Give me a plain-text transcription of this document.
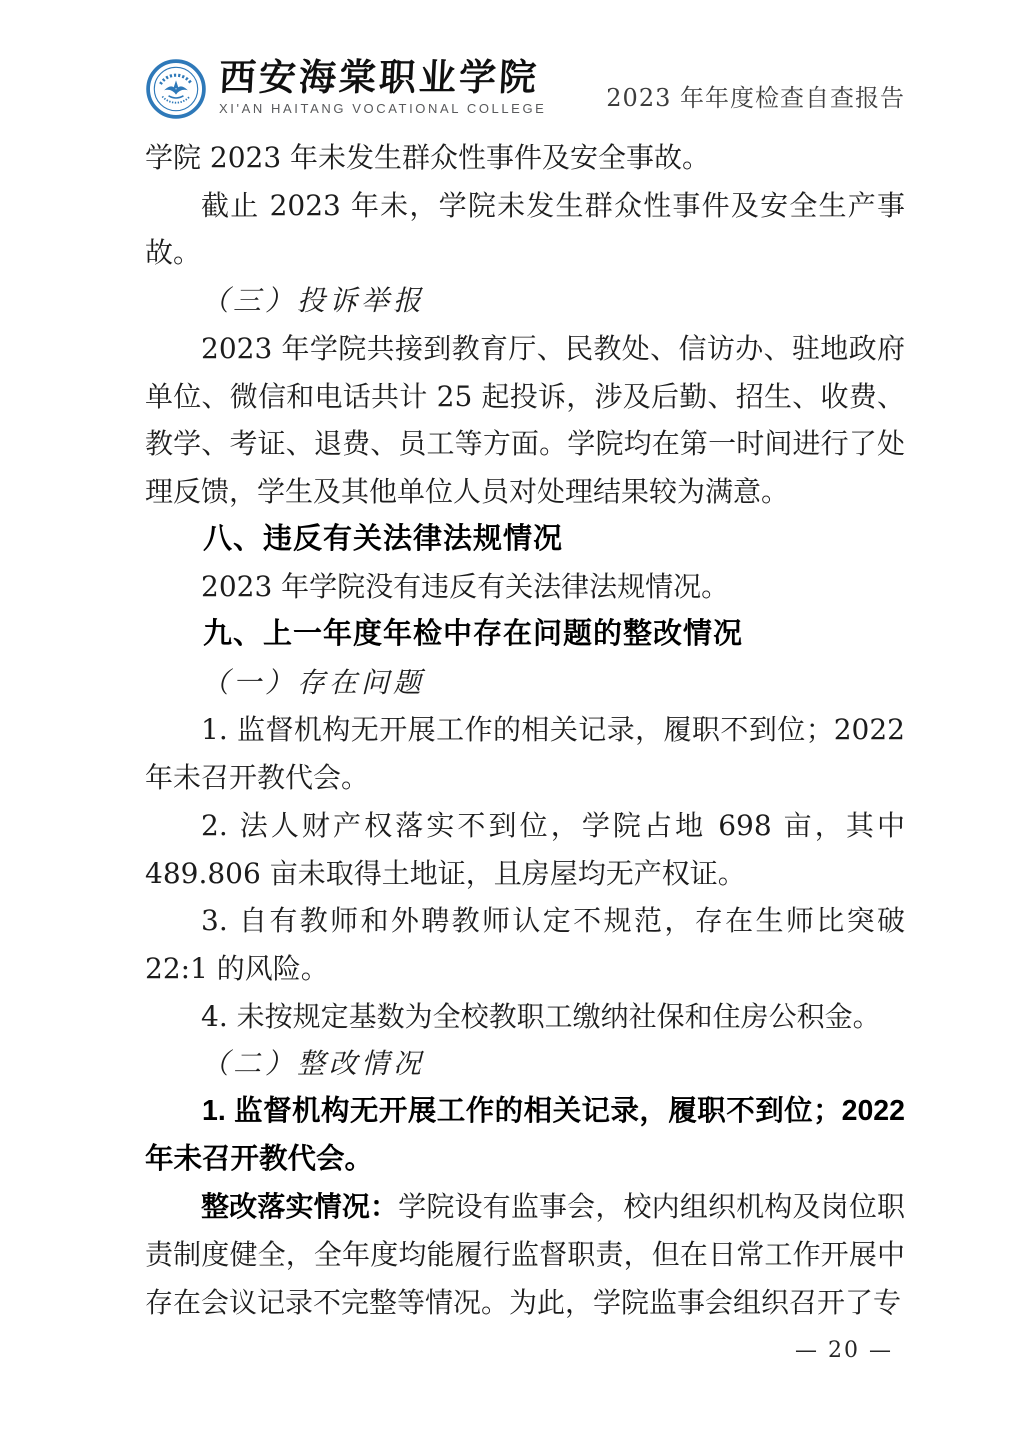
西安海棠职业学院
XI'AN HAITANG VOCATIONAL COLLEGE 2023 年年度检查自查报告

学院 2023 年未发生群众性事件及安全事故。

截止 2023 年未，学院未发生群众性事件及安全生产事故。

（三）投诉举报

2023 年学院共接到教育厅、民教处、信访办、驻地政府单位、微信和电话共计 25 起投诉，涉及后勤、招生、收费、教学、考证、退费、员工等方面。学院均在第一时间进行了处理反馈，学生及其他单位人员对处理结果较为满意。

八、违反有关法律法规情况

2023 年学院没有违反有关法律法规情况。

九、上一年度年检中存在问题的整改情况

（一）存在问题

1. 监督机构无开展工作的相关记录，履职不到位；2022 年未召开教代会。

2. 法人财产权落实不到位，学院占地 698 亩，其中 489.806 亩未取得土地证，且房屋均无产权证。

3. 自有教师和外聘教师认定不规范，存在生师比突破 22:1 的风险。

4. 未按规定基数为全校教职工缴纳社保和住房公积金。

（二）整改情况

1. 监督机构无开展工作的相关记录，履职不到位；2022 年未召开教代会。

整改落实情况：学院设有监事会，校内组织机构及岗位职责制度健全，全年度均能履行监督职责，但在日常工作开展中存在会议记录不完整等情况。为此，学院监事会组织召开了专

— 20 —
